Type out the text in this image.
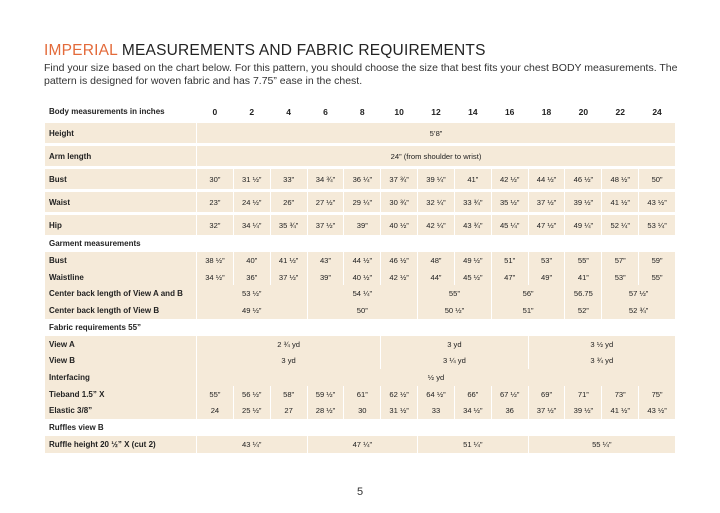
IMPERIAL MEASUREMENTS AND FABRIC REQUIREMENTS
Find your size based on the chart below. For this pattern, you should choose the size that best fits your chest BODY measurements. The pattern is designed for woven fabric and has 7.75” ease in the chest.
Body measurements in inches	0	2	4	6	8	10	12	14	16	18	20	22	24
Height	5’8”												

Arm length	24” (from shoulder to wrist)												

Bust	30”	31 ½”	33”	34 ¾”	36 ¼”	37 ¾”	39 ¼”	41”	42 ½”	44 ½”	46 ½”	48 ½”	50”

Waist	23”	24 ½”	26”	27 ½”	29 ¼”	30 ¾”	32 ¼”	33 ¾”	35 ½”	37 ½”	39 ½”	41 ½”	43 ½”

Hip	32”	34 ¼”	35 ¾”	37 ½”	39”	40 ½”	42 ¼”	43 ¾”	45 ¼”	47 ½”	49 ¼”	52 ¼”	53 ¼”
Garment measurements													
Bust	38 ½”	40”	41 ½”	43”	44 ½”	46 ½”	48”	49 ½”	51”	53”	55”	57”	59”
Waistline	34 ½”	36”	37 ½”	39”	40 ½”	42 ½”	44”	45 ½”	47”	49”	41”	53”	55”
Center back length of View A and B	53 ½”			54 ¼”			55”		56”		56.75	57 ½”	
Center back length of View B	49 ½”			50”			50 ½”		51”		52”	52 ¾”	
Fabric requirements 55”													
View A	2 ¾ yd					3 yd				3 ½ yd			
View B	3 yd					3 ¼ yd				3 ¾ yd			
Interfacing	½ yd												
Tieband 1.5” X	55”	56 ½”	58”	59 ½”	61”	62 ½”	64 ½”	66”	67 ½”	69”	71”	73”	75”
Elastic 3/8”	24	25 ½”	27	28 ½”	30	31 ½”	33	34 ½”	36	37 ½”	39 ½”	41 ½”	43 ½”
Ruffles view B													
Ruffle height 20 ½” X (cut 2)	43 ¼”			47 ¼”			51 ¼”			55 ¼”			
5
